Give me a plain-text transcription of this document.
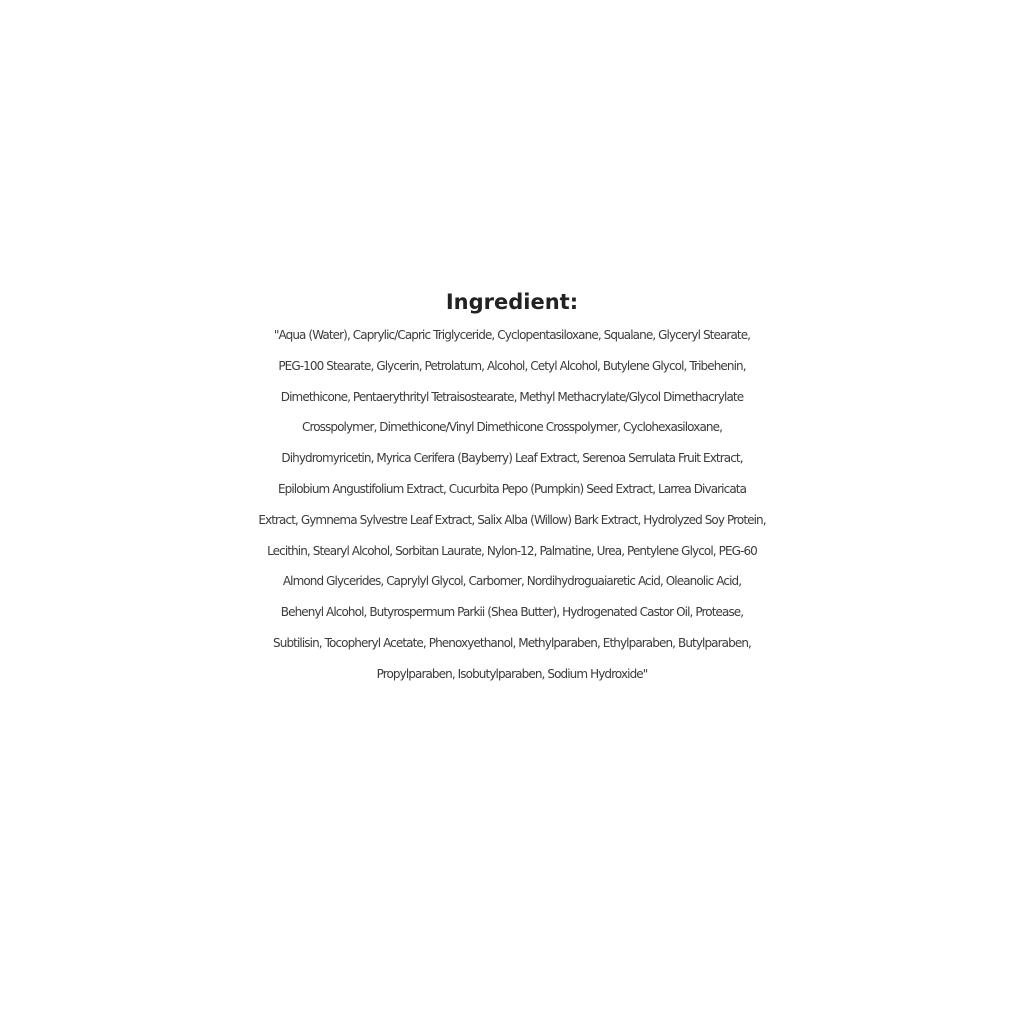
Ingredient:

"Aqua (Water), Caprylic/Capric Triglyceride, Cyclopentasiloxane, Squalane, Glyceryl Stearate,

PEG-100 Stearate, Glycerin, Petrolatum, Alcohol, Cetyl Alcohol, Butylene Glycol, Tribehenin,

Dimethicone, Pentaerythrityl Tetraisostearate, Methyl Methacrylate/Glycol Dimethacrylate

Crosspolymer, Dimethicone/Vinyl Dimethicone Crosspolymer, Cyclohexasiloxane,

Dihydromyricetin, Myrica Cerifera (Bayberry) Leaf Extract, Serenoa Serrulata Fruit Extract,

Epilobium Angustifolium Extract, Cucurbita Pepo (Pumpkin) Seed Extract, Larrea Divaricata

Extract, Gymnema Sylvestre Leaf Extract, Salix Alba (Willow) Bark Extract, Hydrolyzed Soy Protein,

Lecithin, Stearyl Alcohol, Sorbitan Laurate, Nylon-12, Palmatine, Urea, Pentylene Glycol, PEG-60

Almond Glycerides, Caprylyl Glycol, Carbomer, Nordihydroguaiaretic Acid, Oleanolic Acid,

Behenyl Alcohol, Butyrospermum Parkii (Shea Butter), Hydrogenated Castor Oil, Protease,

Subtilisin, Tocopheryl Acetate, Phenoxyethanol, Methylparaben, Ethylparaben, Butylparaben,

Propylparaben, Isobutylparaben, Sodium Hydroxide"
